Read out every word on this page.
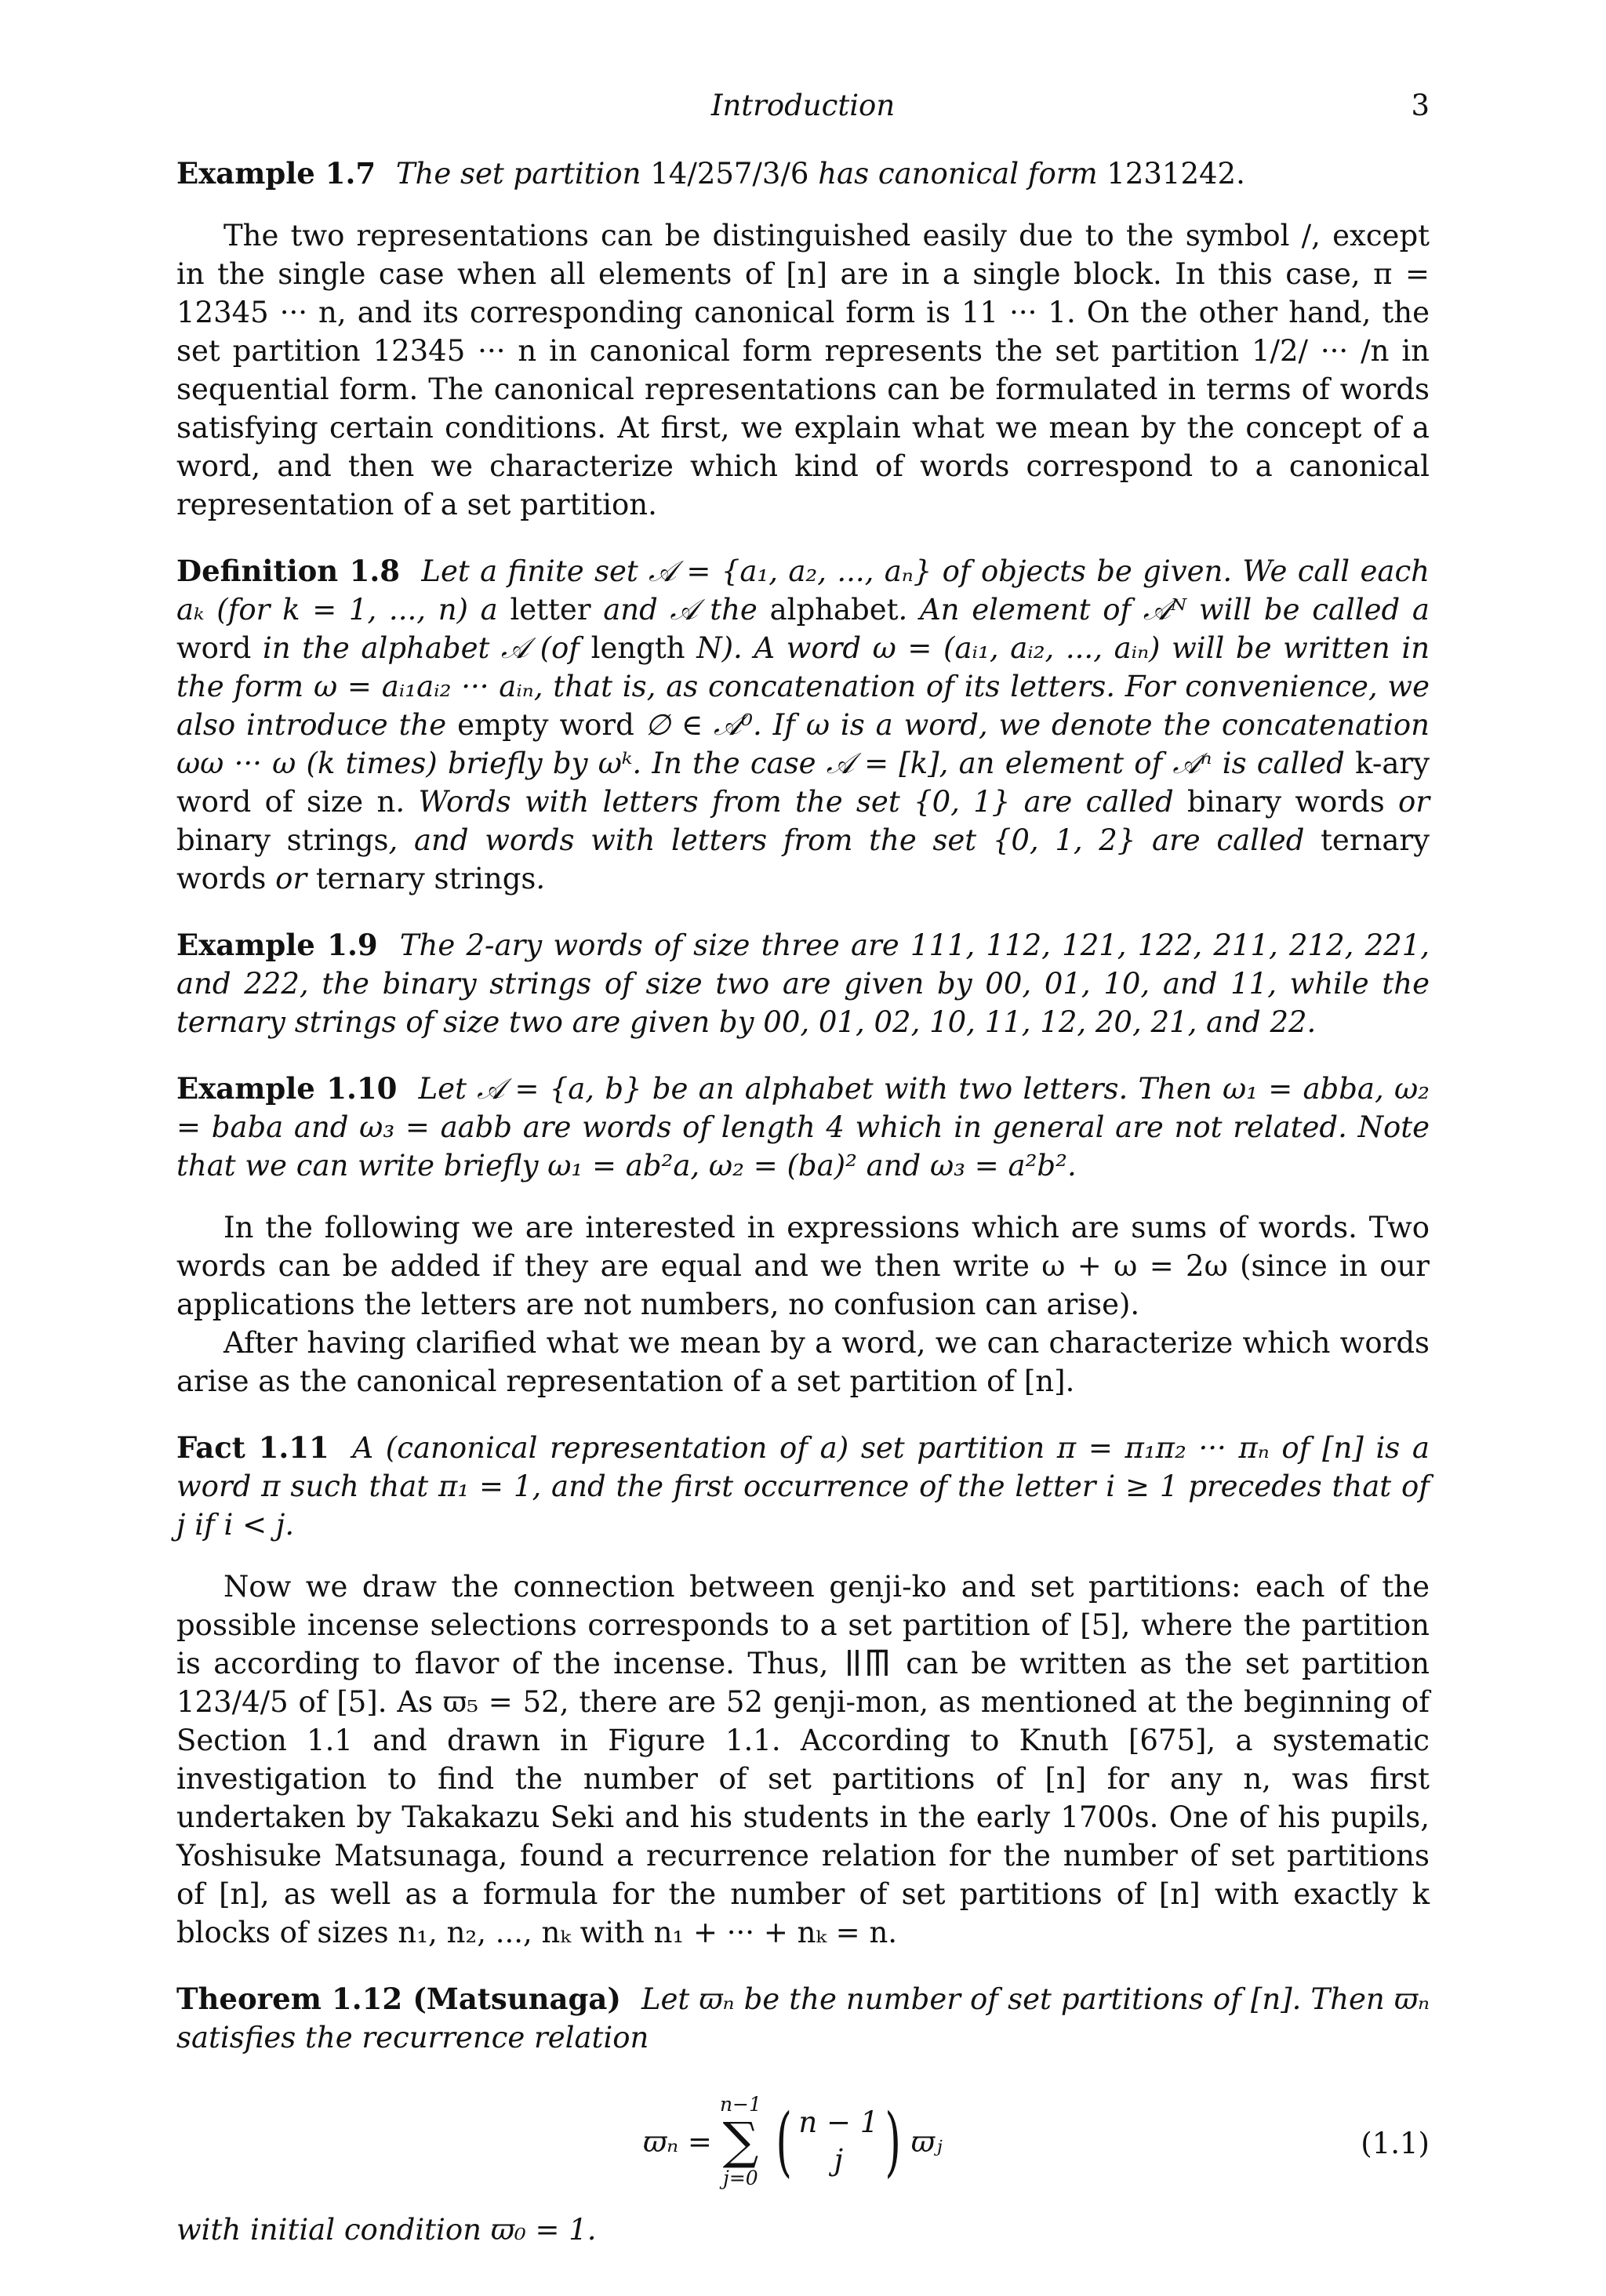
Introduction	3

Example 1.7 The set partition 14/257/3/6 has canonical form 1231242.

The two representations can be distinguished easily due to the symbol /, except in the single case when all elements of [n] are in a single block. In this case, π = 12345 ··· n, and its corresponding canonical form is 11 ··· 1. On the other hand, the set partition 12345 ··· n in canonical form represents the set partition 1/2/ ··· /n in sequential form. The canonical representations can be formulated in terms of words satisfying certain conditions. At first, we explain what we mean by the concept of a word, and then we characterize which kind of words correspond to a canonical representation of a set partition.

Definition 1.8 Let a finite set 𝒜 = {a₁, a₂, ..., aₙ} of objects be given. We call each aₖ (for k = 1, ..., n) a letter and 𝒜 the alphabet. An element of 𝒜ᴺ will be called a word in the alphabet 𝒜 (of length N). A word ω = (aᵢ₁, aᵢ₂, ..., aᵢₙ) will be written in the form ω = aᵢ₁aᵢ₂ ··· aᵢₙ, that is, as concatenation of its letters. For convenience, we also introduce the empty word ∅ ∈ 𝒜⁰. If ω is a word, we denote the concatenation ωω ··· ω (k times) briefly by ωᵏ. In the case 𝒜 = [k], an element of 𝒜ⁿ is called k-ary word of size n. Words with letters from the set {0, 1} are called binary words or binary strings, and words with letters from the set {0, 1, 2} are called ternary words or ternary strings.

Example 1.9 The 2-ary words of size three are 111, 112, 121, 122, 211, 212, 221, and 222, the binary strings of size two are given by 00, 01, 10, and 11, while the ternary strings of size two are given by 00, 01, 02, 10, 11, 12, 20, 21, and 22.

Example 1.10 Let 𝒜 = {a, b} be an alphabet with two letters. Then ω₁ = abba, ω₂ = baba and ω₃ = aabb are words of length 4 which in general are not related. Note that we can write briefly ω₁ = ab²a, ω₂ = (ba)² and ω₃ = a²b².

In the following we are interested in expressions which are sums of words. Two words can be added if they are equal and we then write ω + ω = 2ω (since in our applications the letters are not numbers, no confusion can arise).

After having clarified what we mean by a word, we can characterize which words arise as the canonical representation of a set partition of [n].

Fact 1.11 A (canonical representation of a) set partition π = π₁π₂ ··· πₙ of [n] is a word π such that π₁ = 1, and the first occurrence of the letter i ≥ 1 precedes that of j if i < j.

Now we draw the connection between genji-ko and set partitions: each of the possible incense selections corresponds to a set partition of [5], where the partition is according to flavor of the incense. Thus,	can be written as the set partition 123/4/5 of [5]. As ϖ₅ = 52, there are 52 genji-mon, as mentioned at the beginning of Section 1.1 and drawn in Figure 1.1. According to Knuth [675], a systematic investigation to find the number of set partitions of [n] for any n, was first undertaken by Takakazu Seki and his students in the early 1700s. One of his pupils, Yoshisuke Matsunaga, found a recurrence relation for the number of set partitions of [n], as well as a formula for the number of set partitions of [n] with exactly k blocks of sizes n₁, n₂, ..., nₖ with n₁ + ··· + nₖ = n.

Theorem 1.12 (Matsunaga) Let ϖₙ be the number of set partitions of [n]. Then ϖₙ satisfies the recurrence relation

ϖₙ =
n−1
∑
j=0 ( n − 1
j ) ϖⱼ	(1.1)

with initial condition ϖ₀ = 1.
